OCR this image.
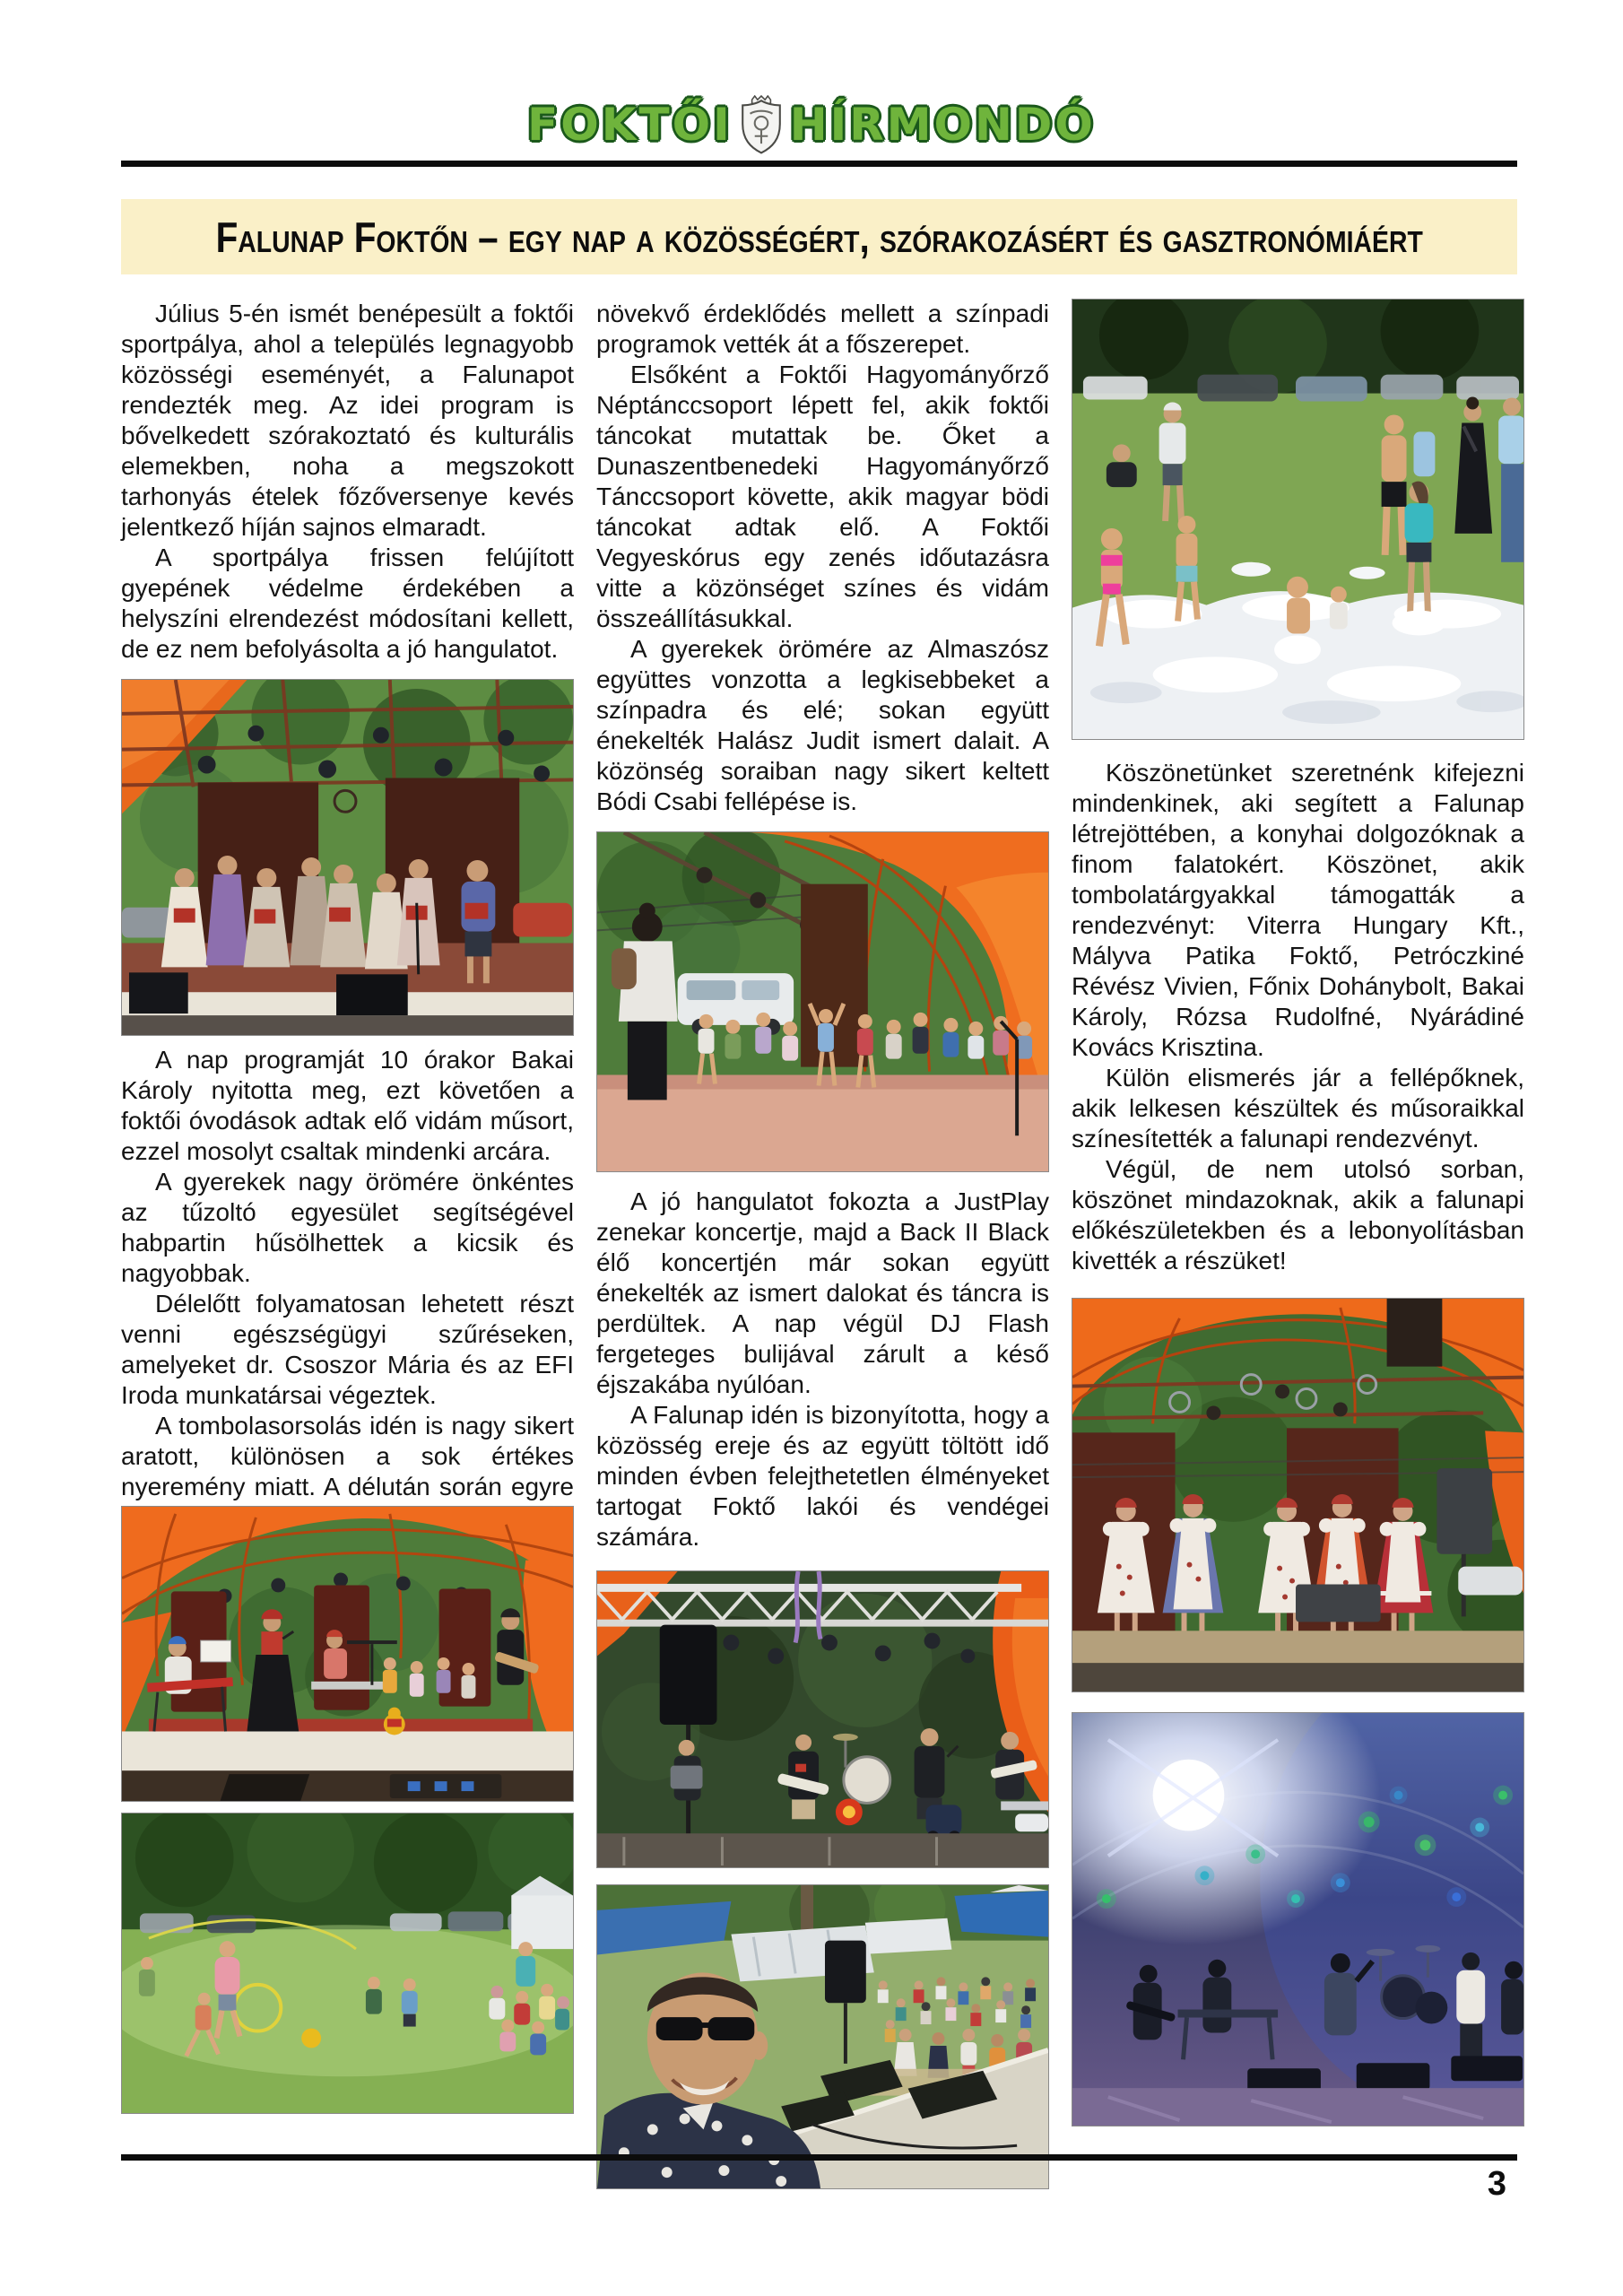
FOKTŐI HÍRMONDÓ
Falunap Foktőn – egy nap a közösségért, szórakozásért és gasztronómiáért

Július 5-én ismét benépesült a foktői sportpálya, ahol a település legnagyobb közösségi eseményét, a Falunapot rendezték meg. Az idei program is bővelkedett szórakoztató és kulturális elemekben, noha a megszokott tarhonyás ételek főzőversenye kevés jelentkező híján sajnos elmaradt.

A sportpálya frissen felújított gyepének védelme érdekében a helyszíni elrendezést módosítani kellett, de ez nem befolyásolta a jó hangulatot.

A nap programját 10 órakor Bakai Károly nyitotta meg, ezt követően a foktői óvodások adtak elő vidám műsort, ezzel mosolyt csaltak mindenki arcára.

A gyerekek nagy örömére önkéntes az tűzoltó egyesület segítségével habpartin hűsölhettek a kicsik és nagyobbak.

Délelőtt folyamatosan lehetett részt venni egészségügyi szűréseken, amelyeket dr. Csoszor Mária és az EFI Iroda munkatársai végeztek.

A tombolasorsolás idén is nagy sikert aratott, különösen a sok értékes nyeremény miatt. A délután során egyre

növekvő érdeklődés mellett a színpadi programok vették át a főszerepet.

Elsőként a Foktői Hagyományőrző Néptánccsoport lépett fel, akik foktői táncokat mutattak be. Őket a Dunaszentbenedeki Hagyományőrző Tánccsoport követte, akik magyar bödi táncokat adtak elő. A Foktői Vegyeskórus egy zenés időutazásra vitte a közönséget színes és vidám összeállításukkal.

A gyerekek örömére az Almaszósz együttes vonzotta a legkisebbeket a színpadra és elé; sokan együtt énekelték Halász Judit ismert dalait. A közönség soraiban nagy sikert keltett Bódi Csabi fellépése is.

A jó hangulatot fokozta a JustPlay zenekar koncertje, majd a Back II Black élő koncertjén már sokan együtt énekelték az ismert dalokat és táncra is perdültek. A nap végül DJ Flash fergeteges bulijával zárult a késő éjszakába nyúlóan.

A Falunap idén is bizonyította, hogy a közösség ereje és az együtt töltött idő minden évben felejthetetlen élményeket tartogat Foktő lakói és vendégei számára.

Köszönetünket szeretnénk kifejezni mindenkinek, aki segített a Falunap létrejöttében, a konyhai dolgozóknak a finom falatokért. Köszönet, akik tombolatárgyakkal támogatták a rendezvényt: Viterra Hungary Kft., Mályva Patika Foktő, Petróczkiné Révész Vivien, Főnix Dohánybolt, Bakai Károly, Rózsa Rudolfné, Nyárádiné Kovács Krisztina.

Külön elismerés jár a fellépőknek, akik lelkesen készültek és műsoraikkal színesítették a falunapi rendezvényt.

Végül, de nem utolsó sorban, köszönet mindazoknak, akik a falunapi előkészületekben és a lebonyolításban kivették a részüket!

3
